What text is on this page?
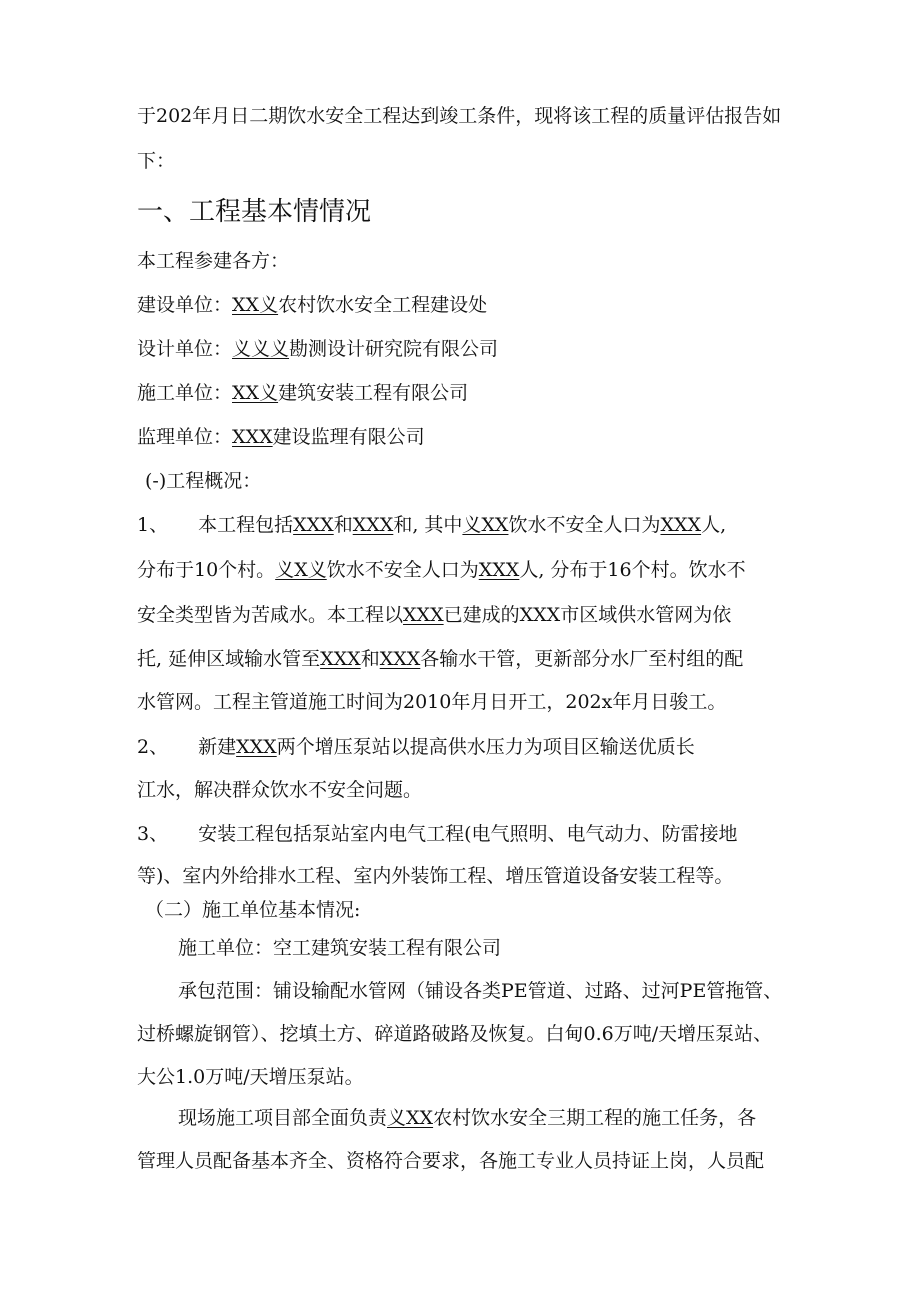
于202年月日二期饮水安全工程达到竣工条件，现将该工程的质量评估报告如
下：
一、工程基本情情况
本工程参建各方：
建设单位：XX义农村饮水安全工程建设处
设计单位：义义义勘测设计研究院有限公司
施工单位：XX义建筑安装工程有限公司
监理单位：XXX建设监理有限公司
(-)工程概况：
1、 本工程包括XXX和XXX和, 其中义XX饮水不安全人口为XXX人,
分布于10个村。义X义饮水不安全人口为XXX人, 分布于16个村。饮水不
安全类型皆为苦咸水。本工程以XXX已建成的XXX市区域供水管网为依
托, 延伸区域输水管至XXX和XXX各输水干管，更新部分水厂至村组的配
水管网。工程主管道施工时间为2010年月日开工，202x年月日骏工。
2、 新建XXX两个增压泵站以提高供水压力为项目区输送优质长
江水，解决群众饮水不安全问题。
3、 安装工程包括泵站室内电气工程(电气照明、电气动力、防雷接地
等)、室内外给排水工程、室内外装饰工程、增压管道设备安装工程等。
（二）施工单位基本情况:
施工单位：空工建筑安装工程有限公司
承包范围：铺设输配水管网（铺设各类PE管道、过路、过河PE管拖管、
过桥螺旋钢管）、挖填土方、碎道路破路及恢复。白甸0.6万吨/天增压泵站、
大公1.0万吨/天增压泵站。
现场施工项目部全面负责义XX农村饮水安全三期工程的施工任务，各
管理人员配备基本齐全、资格符合要求，各施工专业人员持证上岗，人员配
